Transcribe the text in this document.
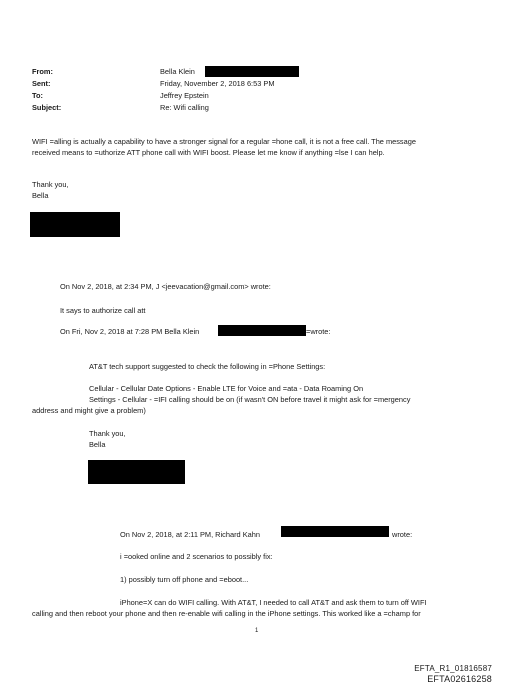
From:	Bella Klein
Sent:	Friday, November 2, 2018 6:53 PM
To:	Jeffrey Epstein
Subject:	Re: Wifi calling
WIFI =alling is actually a capability to have a stronger signal for a regular =hone call, it is not a free call. The message
received means to =uthorize ATT phone call with WIFI boost. Please let me know if anything =lse I can help.
Thank you,
Bella
On Nov 2, 2018, at 2:34 PM, J <jeevacation@gmail.com> wrote:
It says to authorize call att
On Fri, Nov 2, 2018 at 7:28 PM Bella Klein	=wrote:
AT&T tech support suggested to check the following in =Phone Settings:
Cellular - Cellular Date Options - Enable LTE for Voice and =ata - Data Roaming On
Settings - Cellular - =IFI calling should be on (if wasn't ON before travel it might ask for =mergency
address and might give a problem)
Thank you,
Bella
On Nov 2, 2018, at 2:11 PM, Richard Kahn	wrote:
i =ooked online and 2 scenarios to possibly fix:
1) possibly turn off phone and =eboot...
iPhone=X can do WIFI calling. With AT&T, I needed to call AT&T and ask them to turn off WIFI
calling and then reboot your phone and then re-enable wifi calling in the iPhone settings. This worked like a =champ for
1
EFTA_R1_01816587
EFTA02616258
